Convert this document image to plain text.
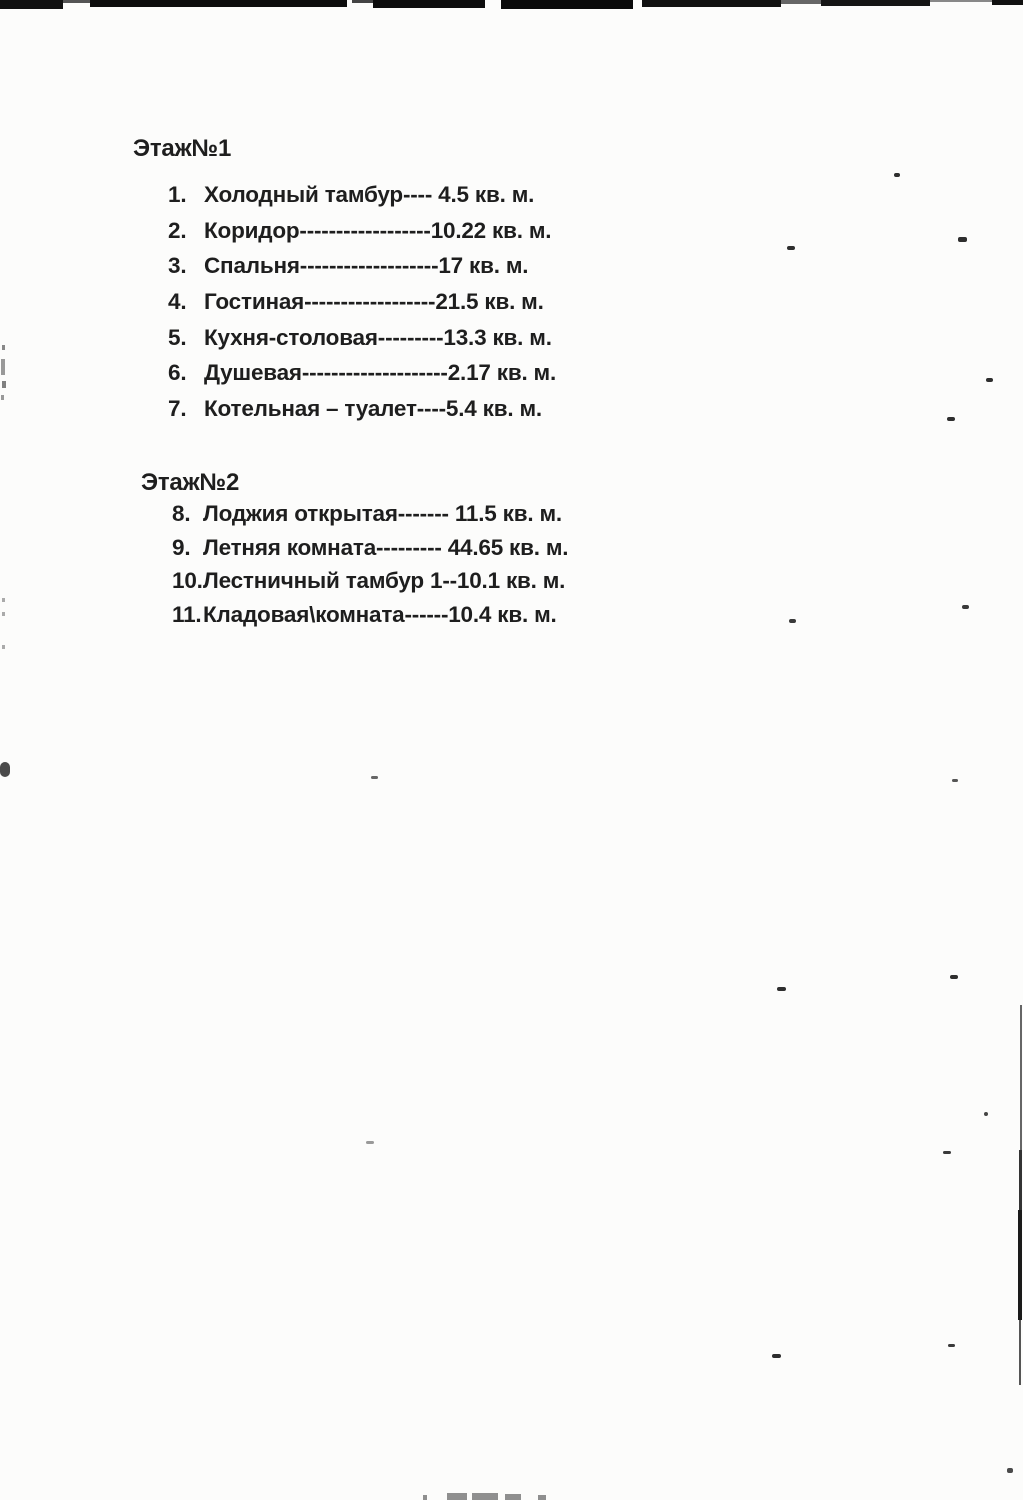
Этаж№1
1. Холодный тамбур---- 4.5 кв. м.
2. Коридор------------------10.22 кв. м.
3. Спальня-------------------17 кв. м.
4. Гостиная------------------21.5 кв. м.
5. Кухня-столовая---------13.3 кв. м.
6. Душевая--------------------2.17 кв. м.
7. Котельная – туалет----5.4 кв. м.
Этаж№2
8. Лоджия открытая------- 11.5 кв. м.
9. Летняя комната--------- 44.65 кв. м.
10. Лестничный тамбур 1--10.1 кв. м.
11. Кладовая\комната------10.4 кв. м.
